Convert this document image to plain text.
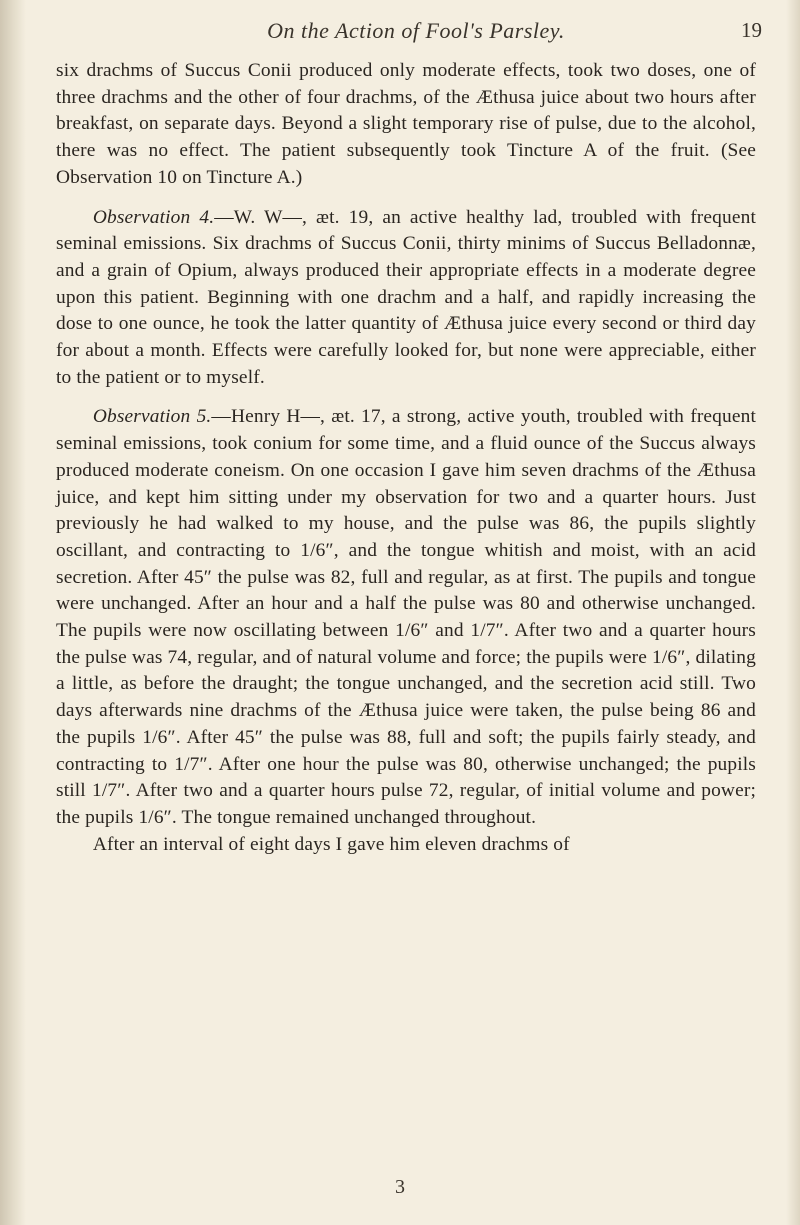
On the Action of Fool's Parsley.	19

six drachms of Succus Conii produced only moderate effects, took two doses, one of three drachms and the other of four drachms, of the Æthusa juice about two hours after breakfast, on separate days. Beyond a slight temporary rise of pulse, due to the alcohol, there was no effect. The patient subsequently took Tincture A of the fruit. (See Observation 10 on Tincture A.)

Observation 4.—W. W—, æt. 19, an active healthy lad, troubled with frequent seminal emissions. Six drachms of Succus Conii, thirty minims of Succus Belladonnæ, and a grain of Opium, always produced their appropriate effects in a moderate degree upon this patient. Beginning with one drachm and a half, and rapidly increasing the dose to one ounce, he took the latter quantity of Æthusa juice every second or third day for about a month. Effects were carefully looked for, but none were appreciable, either to the patient or to myself.

Observation 5.—Henry H—, æt. 17, a strong, active youth, troubled with frequent seminal emissions, took conium for some time, and a fluid ounce of the Succus always produced moderate coneism. On one occasion I gave him seven drachms of the Æthusa juice, and kept him sitting under my observation for two and a quarter hours. Just previously he had walked to my house, and the pulse was 86, the pupils slightly oscillant, and contracting to 1/6″, and the tongue whitish and moist, with an acid secretion. After 45″ the pulse was 82, full and regular, as at first. The pupils and tongue were unchanged. After an hour and a half the pulse was 80 and otherwise unchanged. The pupils were now oscillating between 1/6″ and 1/7″. After two and a quarter hours the pulse was 74, regular, and of natural volume and force; the pupils were 1/6″, dilating a little, as before the draught; the tongue unchanged, and the secretion acid still. Two days afterwards nine drachms of the Æthusa juice were taken, the pulse being 86 and the pupils 1/6″. After 45″ the pulse was 88, full and soft; the pupils fairly steady, and contracting to 1/7″. After one hour the pulse was 80, otherwise unchanged; the pupils still 1/7″. After two and a quarter hours pulse 72, regular, of initial volume and power; the pupils 1/6″. The tongue remained unchanged throughout.

After an interval of eight days I gave him eleven drachms of

3
